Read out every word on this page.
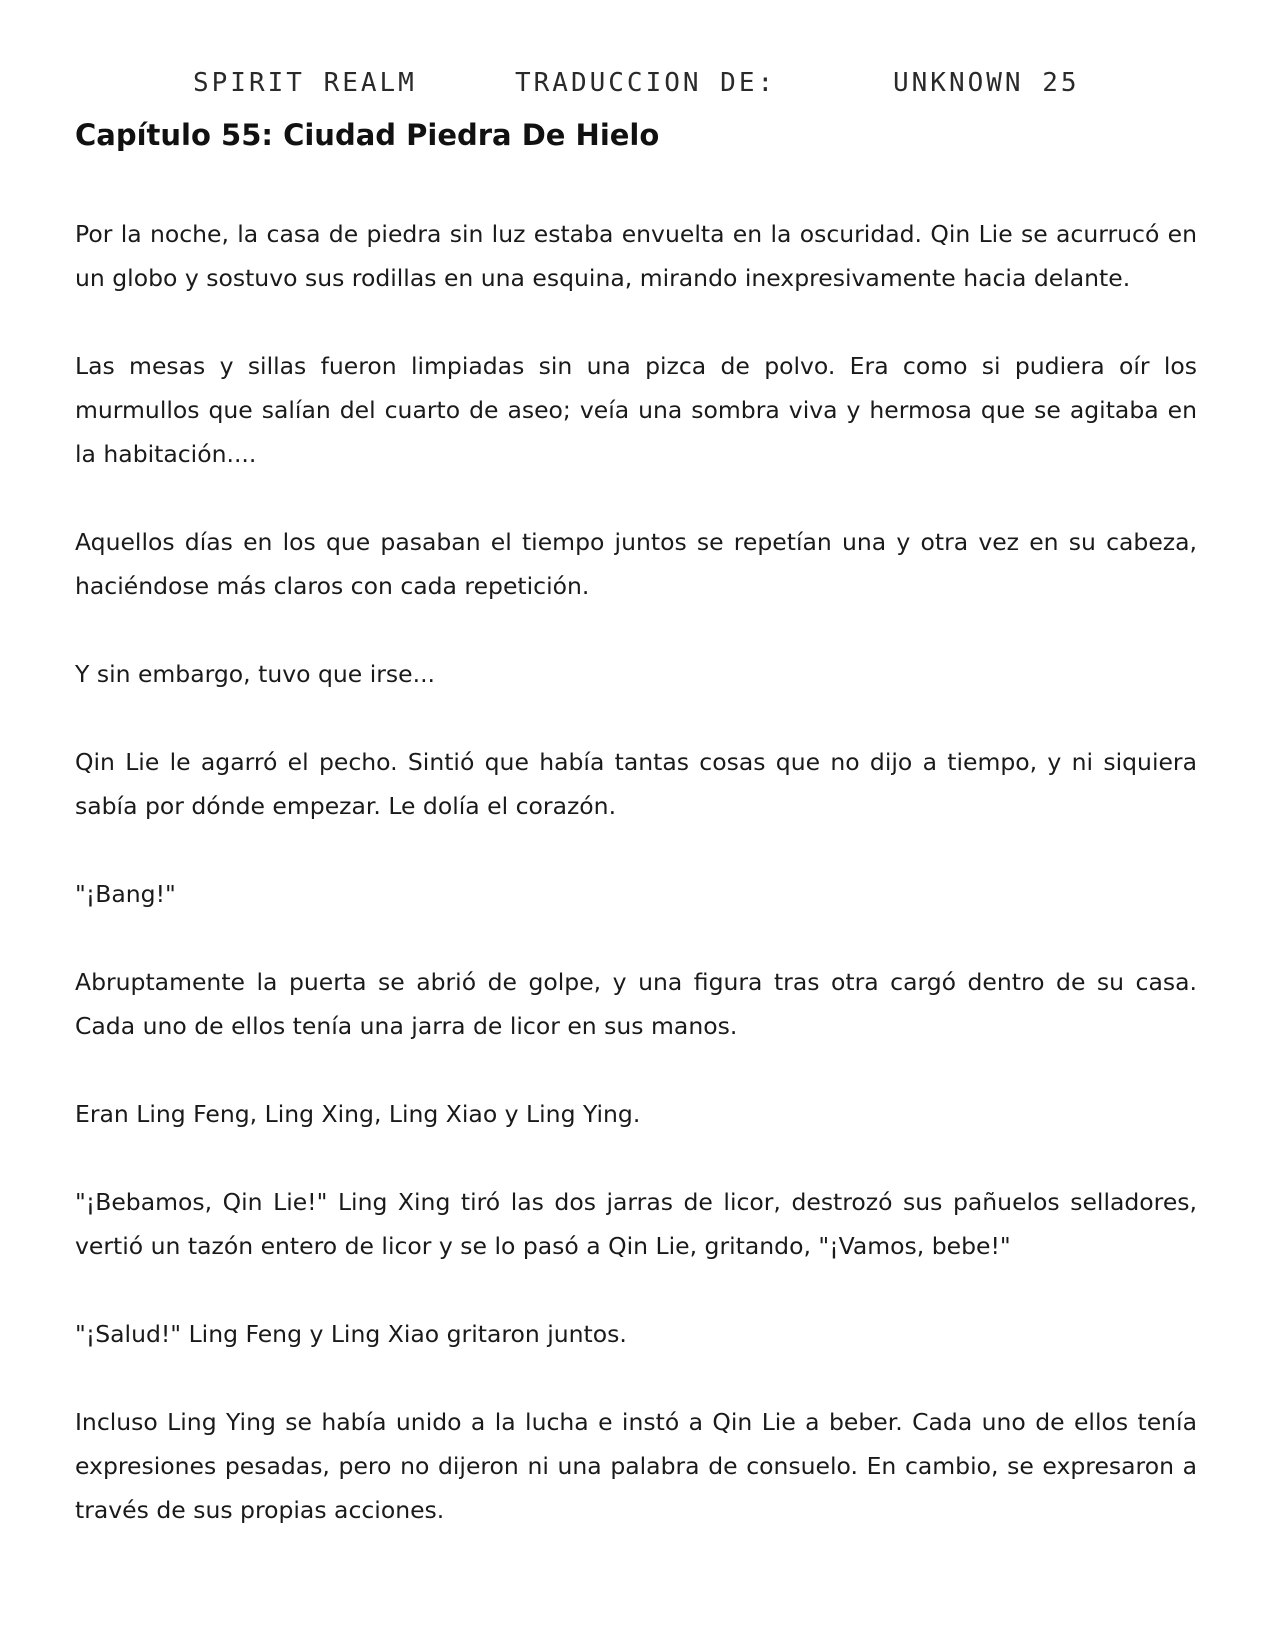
SPIRIT REALM	TRADUCCION DE:	UNKNOWN 25
Capítulo 55: Ciudad Piedra De Hielo

Por la noche, la casa de piedra sin luz estaba envuelta en la oscuridad. Qin Lie se acurrucó en un globo y sostuvo sus rodillas en una esquina, mirando inexpresivamente hacia delante.

Las mesas y sillas fueron limpiadas sin una pizca de polvo. Era como si pudiera oír los murmullos que salían del cuarto de aseo; veía una sombra viva y hermosa que se agitaba en la habitación....

Aquellos días en los que pasaban el tiempo juntos se repetían una y otra vez en su cabeza, haciéndose más claros con cada repetición.

Y sin embargo, tuvo que irse...

Qin Lie le agarró el pecho. Sintió que había tantas cosas que no dijo a tiempo, y ni siquiera sabía por dónde empezar. Le dolía el corazón.

"¡Bang!"

Abruptamente la puerta se abrió de golpe, y una figura tras otra cargó dentro de su casa. Cada uno de ellos tenía una jarra de licor en sus manos.

Eran Ling Feng, Ling Xing, Ling Xiao y Ling Ying.

"¡Bebamos, Qin Lie!" Ling Xing tiró las dos jarras de licor, destrozó sus pañuelos selladores, vertió un tazón entero de licor y se lo pasó a Qin Lie, gritando, "¡Vamos, bebe!"

"¡Salud!" Ling Feng y Ling Xiao gritaron juntos.

Incluso Ling Ying se había unido a la lucha e instó a Qin Lie a beber. Cada uno de ellos tenía expresiones pesadas, pero no dijeron ni una palabra de consuelo. En cambio, se expresaron a través de sus propias acciones.
